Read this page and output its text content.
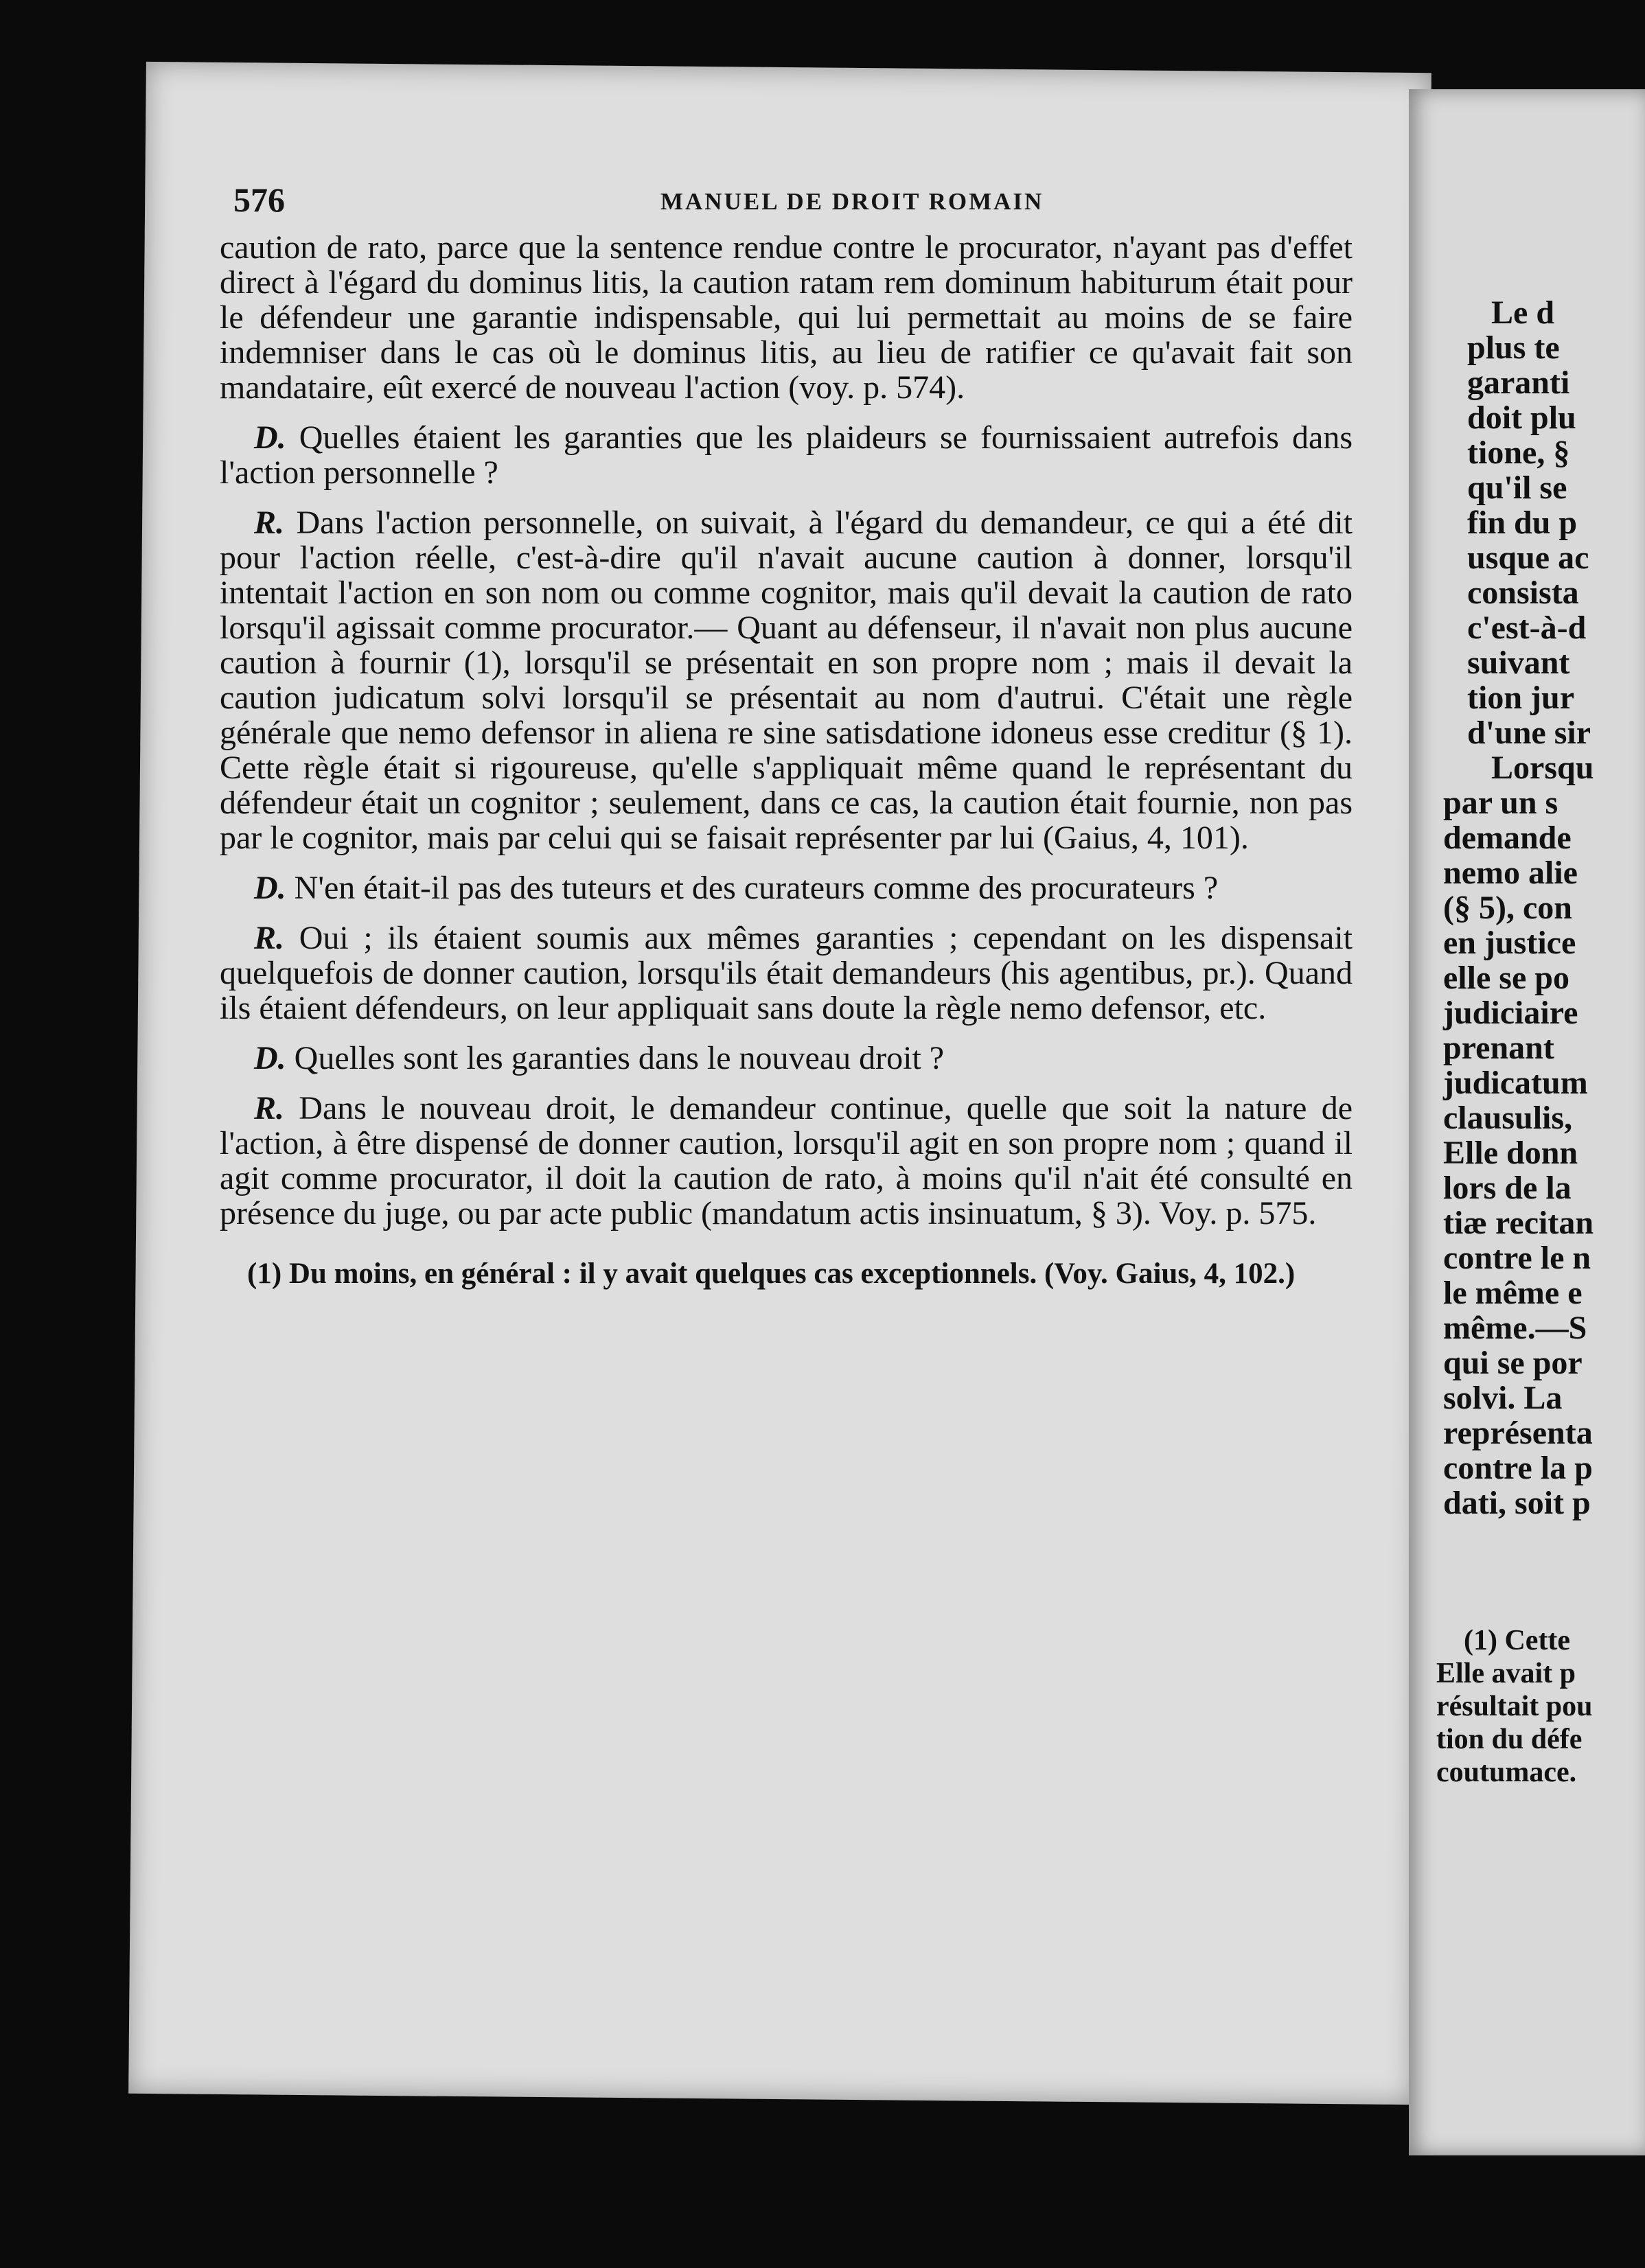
576	MANUEL DE DROIT ROMAIN

caution de rato, parce que la sentence rendue contre le procurator, n'ayant pas d'effet direct à l'égard du dominus litis, la caution ratam rem dominum habiturum était pour le défendeur une garantie indispensable, qui lui permettait au moins de se faire indemniser dans le cas où le dominus litis, au lieu de ratifier ce qu'avait fait son mandataire, eût exercé de nouveau l'action (voy. p. 574).

D. Quelles étaient les garanties que les plaideurs se fournissaient autrefois dans l'action personnelle ?

R. Dans l'action personnelle, on suivait, à l'égard du demandeur, ce qui a été dit pour l'action réelle, c'est-à-dire qu'il n'avait aucune caution à donner, lorsqu'il intentait l'action en son nom ou comme cognitor, mais qu'il devait la caution de rato lorsqu'il agissait comme procurator.— Quant au défenseur, il n'avait non plus aucune caution à fournir (1), lorsqu'il se présentait en son propre nom ; mais il devait la caution judicatum solvi lorsqu'il se présentait au nom d'autrui. C'était une règle générale que nemo defensor in aliena re sine satisdatione idoneus esse creditur (§ 1). Cette règle était si rigoureuse, qu'elle s'appliquait même quand le représentant du défendeur était un cognitor ; seulement, dans ce cas, la caution était fournie, non pas par le cognitor, mais par celui qui se faisait représenter par lui (Gaius, 4, 101).

D. N'en était-il pas des tuteurs et des curateurs comme des procurateurs ?

R. Oui ; ils étaient soumis aux mêmes garanties ; cependant on les dispensait quelquefois de donner caution, lorsqu'ils était demandeurs (his agentibus, pr.). Quand ils étaient défendeurs, on leur appliquait sans doute la règle nemo defensor, etc.

D. Quelles sont les garanties dans le nouveau droit ?

R. Dans le nouveau droit, le demandeur continue, quelle que soit la nature de l'action, à être dispensé de donner caution, lorsqu'il agit en son propre nom ; quand il agit comme procurator, il doit la caution de rato, à moins qu'il n'ait été consulté en présence du juge, ou par acte public (mandatum actis insinuatum, § 3). Voy. p. 575.

(1) Du moins, en général : il y avait quelques cas exceptionnels. (Voy. Gaius, 4, 102.)

Le d
plus te
garanti
doit plu
tione, §
qu'il se
fin du p
usque ac
consista
c'est-à-d
suivant
tion jur
d'une sir
Lorsqu
par un s
demande
nemo alie
(§ 5), con
en justice
elle se po
judiciaire
prenant
judicatum
clausulis,
Elle donn
lors de la
tiæ recitan
contre le n
le même e
même.—S
qui se por
solvi. La
représenta
contre la p
dati, soit p
(1) Cette
Elle avait p
résultait pou
tion du défe
coutumace.
